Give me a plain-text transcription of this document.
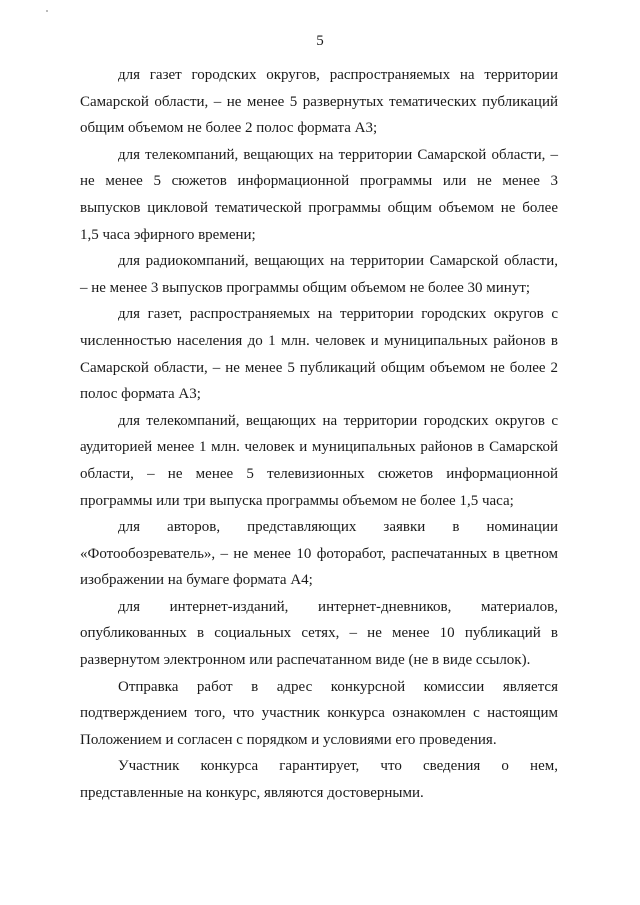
5

для газет городских округов, распространяемых на территории Самарской области, – не менее 5 развернутых тематических публикаций общим объемом не более 2 полос формата А3;

для телекомпаний, вещающих на территории Самарской области, – не менее 5 сюжетов информационной программы или не менее 3 выпусков цикловой тематической программы общим объемом не более 1,5 часа эфирного времени;

для радиокомпаний, вещающих на территории Самарской области, – не менее 3 выпусков программы общим объемом не более 30 минут;

для газет, распространяемых на территории городских округов с численностью населения до 1 млн. человек и муниципальных районов в Самарской области, – не менее 5 публикаций общим объемом не более 2 полос формата А3;

для телекомпаний, вещающих на территории городских округов с аудиторией менее 1 млн. человек и муниципальных районов в Самарской области, – не менее 5 телевизионных сюжетов информационной программы или три выпуска программы объемом не более 1,5 часа;

для авторов, представляющих заявки в номинации «Фотообозреватель», – не менее 10 фоторабот, распечатанных в цветном изображении на бумаге формата А4;

для интернет-изданий, интернет-дневников, материалов, опубликованных в социальных сетях, – не менее 10 публикаций в развернутом электронном или распечатанном виде (не в виде ссылок).

Отправка работ в адрес конкурсной комиссии является подтверждением того, что участник конкурса ознакомлен с настоящим Положением и согласен с порядком и условиями его проведения.

Участник конкурса гарантирует, что сведения о нем, представленные на конкурс, являются достоверными.
